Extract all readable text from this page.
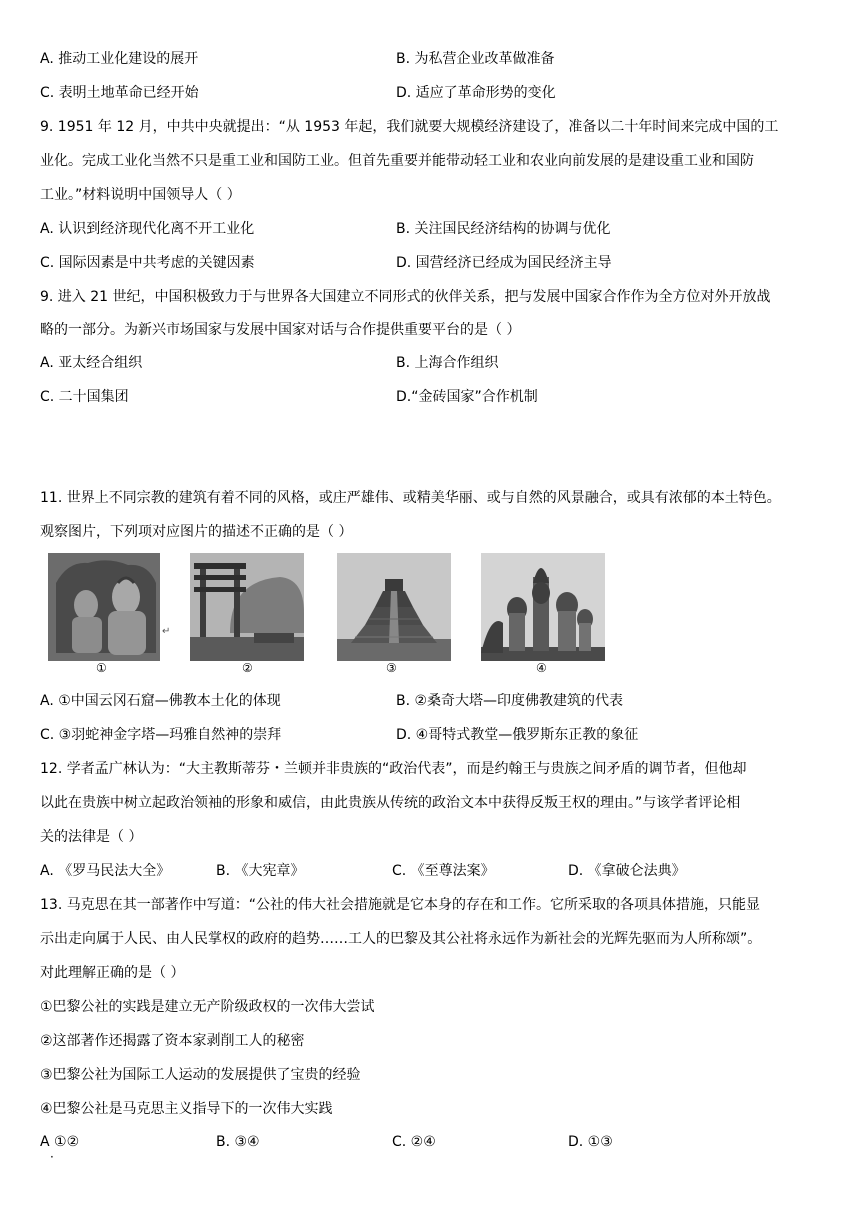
A. 推动工业化建设的展开	B. 为私营企业改革做准备
C. 表明土地革命已经开始	D. 适应了革命形势的变化
9. 1951 年 12 月，中共中央就提出：“从 1953 年起，我们就要大规模经济建设了，准备以二十年时间来完成中国的工
业化。完成工业化当然不只是重工业和国防工业。但首先重要并能带动轻工业和农业向前发展的是建设重工业和国防
工业。”材料说明中国领导人（ ）
A. 认识到经济现代化离不开工业化	B. 关注国民经济结构的协调与优化
C. 国际因素是中共考虑的关键因素	D. 国营经济已经成为国民经济主导
9. 进入 21 世纪，中国积极致力于与世界各大国建立不同形式的伙伴关系，把与发展中国家合作作为全方位对外开放战
略的一部分。为新兴市场国家与发展中国家对话与合作提供重要平台的是（ ）
A. 亚太经合组织	B. 上海合作组织
C. 二十国集团	D.“金砖国家”合作机制
11. 世界上不同宗教的建筑有着不同的风格，或庄严雄伟、或精美华丽、或与自然的风景融合，或具有浓郁的本土特色。
观察图片，下列项对应图片的描述不正确的是（ ）
↵
①	②	③	④
A. ①中国云冈石窟—佛教本土化的体现	B. ②桑奇大塔—印度佛教建筑的代表
C. ③羽蛇神金字塔—玛雅自然神的崇拜	D. ④哥特式教堂—俄罗斯东正教的象征
12. 学者孟广林认为：“大主教斯蒂芬・兰顿并非贵族的“政治代表”，而是约翰王与贵族之间矛盾的调节者，但他却
以此在贵族中树立起政治领袖的形象和威信，由此贵族从传统的政治文本中获得反叛王权的理由。”与该学者评论相
关的法律是（ ）
A. 《罗马民法大全》	B. 《大宪章》	C. 《至尊法案》	D. 《拿破仑法典》
13. 马克思在其一部著作中写道：“公社的伟大社会措施就是它本身的存在和工作。它所采取的各项具体措施，只能显
示出走向属于人民、由人民掌权的政府的趋势……工人的巴黎及其公社将永远作为新社会的光辉先驱而为人所称颂”。
对此理解正确的是（ ）
①巴黎公社的实践是建立无产阶级政权的一次伟大尝试
②这部著作还揭露了资本家剥削工人的秘密
③巴黎公社为国际工人运动的发展提供了宝贵的经验
④巴黎公社是马克思主义指导下的一次伟大实践
A ①②	B. ③④	C. ②④	D. ①③
·
